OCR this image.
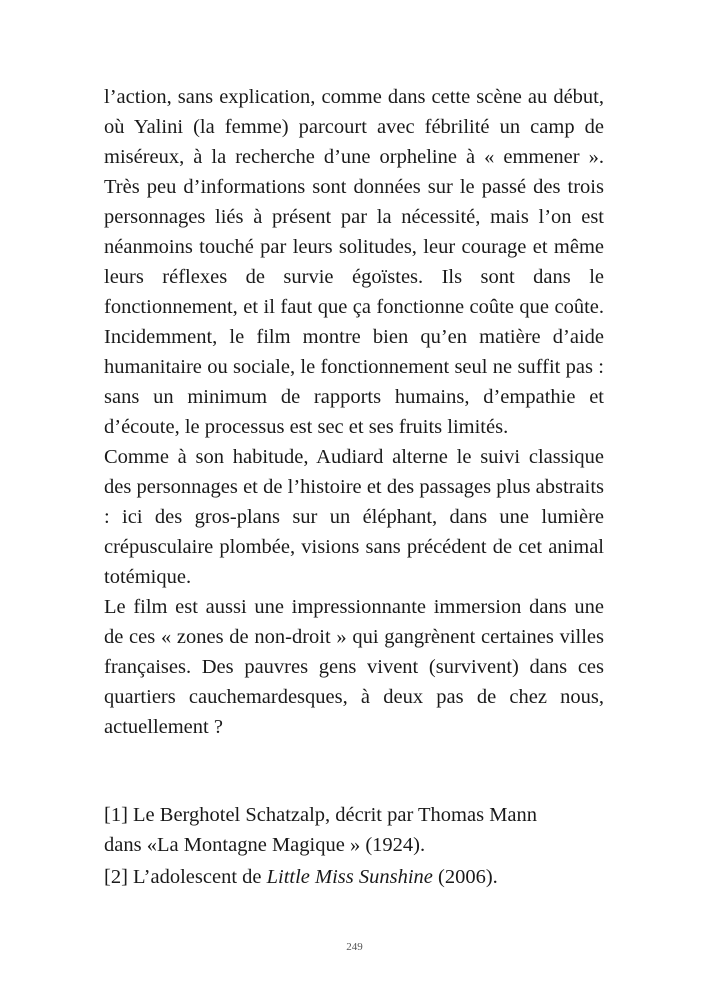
l’action, sans explication, comme dans cette scène au début, où Yalini (la femme) parcourt avec fébrilité un camp de miséreux, à la recherche d’une orpheline à « emmener ». Très peu d’informations sont données sur le passé des trois personnages liés à présent par la nécessité, mais l’on est néanmoins touché par leurs solitudes, leur courage et même leurs réflexes de survie égoïstes. Ils sont dans le fonctionnement, et il faut que ça fonctionne coûte que coûte. Incidemment, le film montre bien qu’en matière d’aide humanitaire ou sociale, le fonctionnement seul ne suffit pas : sans un minimum de rapports humains, d’empathie et d’écoute, le processus est sec et ses fruits limités.

Comme à son habitude, Audiard alterne le suivi classique des personnages et de l’histoire et des passages plus abstraits : ici des gros-plans sur un éléphant, dans une lumière crépusculaire plombée, visions sans précédent de cet animal totémique.

Le film est aussi une impressionnante immersion dans une de ces « zones de non-droit » qui gangrènent certaines villes françaises. Des pauvres gens vivent (survivent) dans ces quartiers cauchemardesques, à deux pas de chez nous, actuellement ?

[1] Le Berghotel Schatzalp, décrit par Thomas Mann
dans «La Montagne Magique » (1924).
[2] L’adolescent de Little Miss Sunshine (2006).
249
